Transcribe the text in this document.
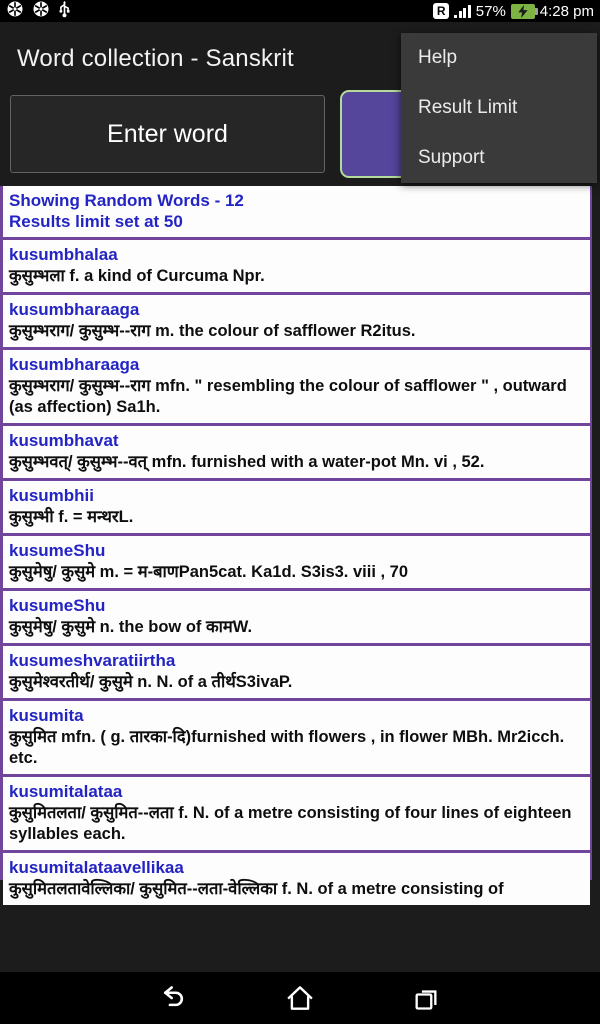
R 57% 4:28 pm
Word collection - Sanskrit
Enter word
Help
Result Limit
Support
Showing Random Words - 12
Results limit set at 50
kusumbhalaa
कुसुम्भला f. a kind of Curcuma Npr.
kusumbharaaga
कुसुम्भराग/ कुसुम्भ--राग m. the colour of safflower R2itus.
kusumbharaaga
कुसुम्भराग/ कुसुम्भ--राग mfn. " resembling the colour of safflower " , outward (as affection) Sa1h.
kusumbhavat
कुसुम्भवत्/ कुसुम्भ--वत् mfn. furnished with a water-pot Mn. vi , 52.
kusumbhii
कुसुम्भी f. = मन्थरL.
kusumeShu
कुसुमेषु/ कुसुमे m. = म-बाणPan5cat. Ka1d. S3is3. viii , 70
kusumeShu
कुसुमेषु/ कुसुमे n. the bow of कामW.
kusumeshvaratiirtha
कुसुमेश्वरतीर्थ/ कुसुमे n. N. of a तीर्थS3ivaP.
kusumita
कुसुमित mfn. ( g. तारका-दि)furnished with flowers , in flower MBh. Mr2icch. etc.
kusumitalataa
कुसुमितलता/ कुसुमित--लता f. N. of a metre consisting of four lines of eighteen syllables each.
kusumitalataavellikaa
कुसुमितलतावेल्लिका/ कुसुमित--लता-वेल्लिका f. N. of a metre consisting of
